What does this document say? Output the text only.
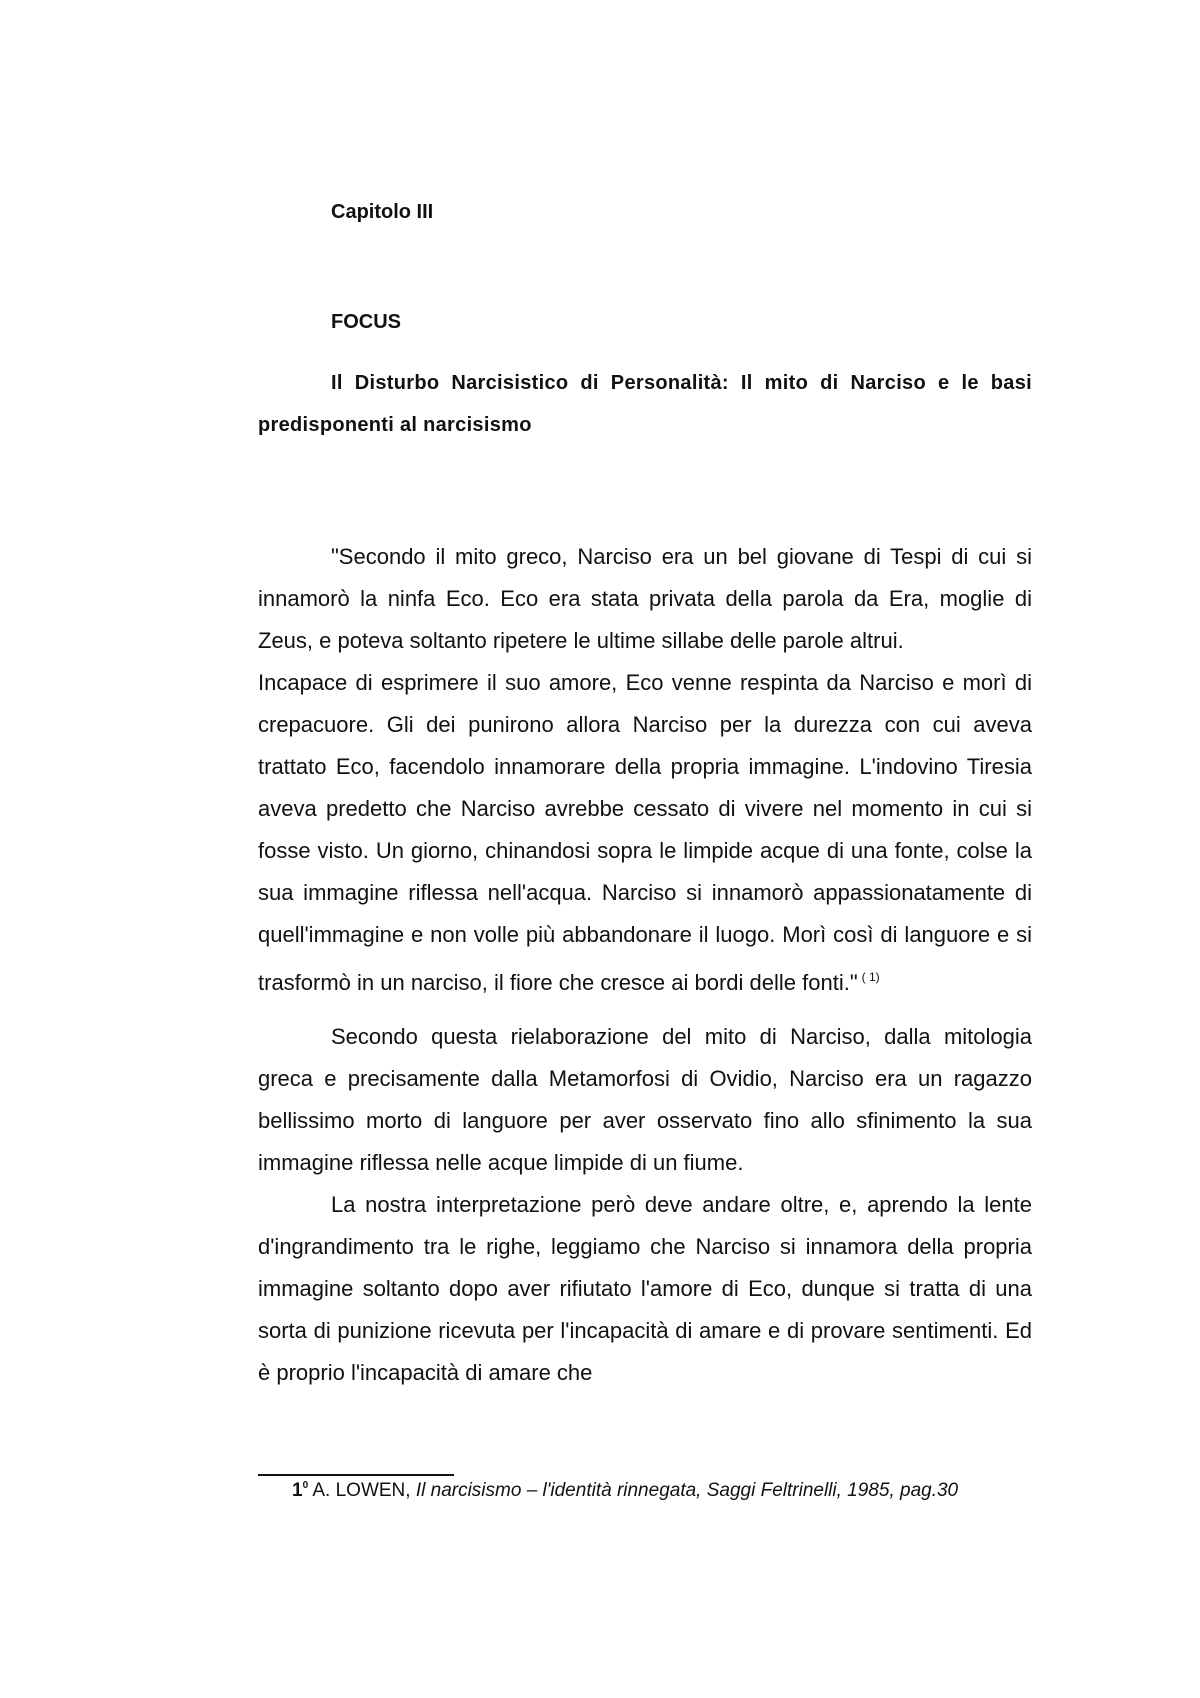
Capitolo III
FOCUS
Il Disturbo Narcisistico di Personalità: Il mito di Narciso e le basi predisponenti al narcisismo

"Secondo il mito greco, Narciso era un bel giovane di Tespi di cui si innamorò la ninfa Eco. Eco era stata privata della parola da Era, moglie di Zeus, e poteva soltanto ripetere le ultime sillabe delle parole altrui.

Incapace di esprimere il suo amore, Eco venne respinta da Narciso e morì di crepacuore. Gli dei punirono allora Narciso per la durezza con cui aveva trattato Eco, facendolo innamorare della propria immagine. L'indovino Tiresia aveva predetto che Narciso avrebbe cessato di vivere nel momento in cui si fosse visto. Un giorno, chinandosi sopra le limpide acque di una fonte, colse la sua immagine riflessa nell'acqua. Narciso si innamorò appassionatamente di quell'immagine e non volle più abbandonare il luogo. Morì così di languore e si trasformò in un narciso, il fiore che cresce ai bordi delle fonti." $^{( 1)}$

Secondo questa rielaborazione del mito di Narciso, dalla mitologia greca e precisamente dalla Metamorfosi di Ovidio, Narciso era un ragazzo bellissimo morto di languore per aver osservato fino allo sfinimento la sua immagine riflessa nelle acque limpide di un fiume.

La nostra interpretazione però deve andare oltre, e, aprendo la lente d'ingrandimento tra le righe, leggiamo che Narciso si innamora della propria immagine soltanto dopo aver rifiutato l'amore di Eco, dunque si tratta di una sorta di punizione ricevuta per l'incapacità di amare e di provare sentimenti. Ed è proprio l'incapacità di amare che

$1^0$ A. LOWEN, Il narcisismo – l'identità rinnegata, Saggi Feltrinelli, 1985, pag.30
